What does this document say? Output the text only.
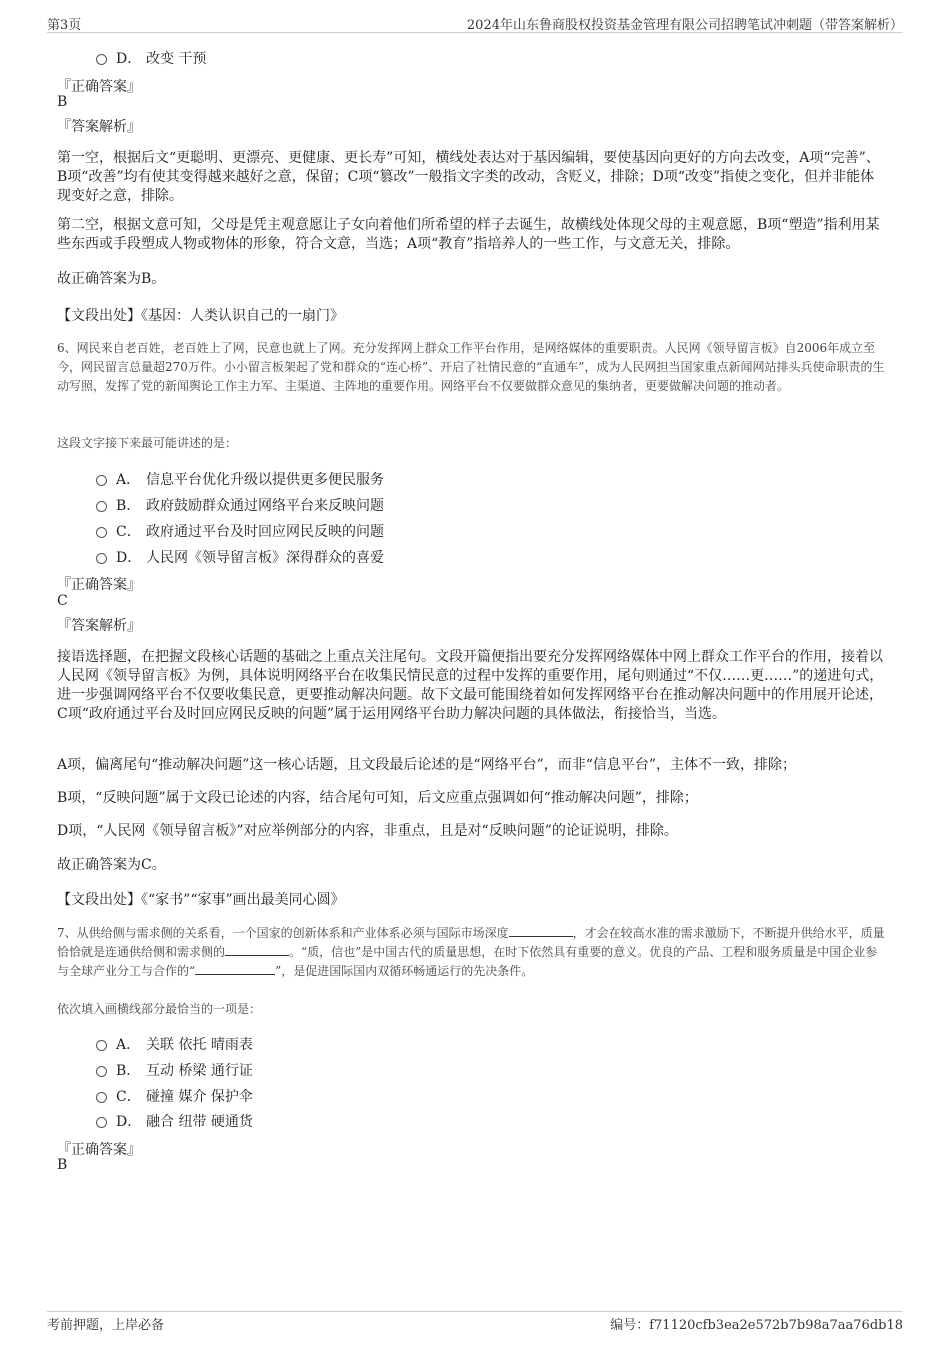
第3页	2024年山东鲁商股权投资基金管理有限公司招聘笔试冲刺题（带答案解析）
D． 改变 干预
『正确答案』
B
『答案解析』
第一空，根据后文“更聪明、更漂亮、更健康、更长寿”可知，横线处表达对于基因编辑，要使基因向更好的方向去改变，A项“完善”、B项“改善”均有使其变得越来越好之意，保留；C项“篡改”一般指文字类的改动，含贬义，排除；D项“改变”指使之变化，但并非能体现变好之意，排除。
第二空，根据文意可知，父母是凭主观意愿让子女向着他们所希望的样子去诞生，故横线处体现父母的主观意愿，B项“塑造”指利用某些东西或手段塑成人物或物体的形象，符合文意，当选；A项“教育”指培养人的一些工作，与文意无关，排除。
故正确答案为B。
【文段出处】《基因：人类认识自己的一扇门》
6、网民来自老百姓，老百姓上了网，民意也就上了网。充分发挥网上群众工作平台作用，是网络媒体的重要职责。人民网《领导留言板》自2006年成立至今，网民留言总量超270万件。小小留言板架起了党和群众的“连心桥”、开启了社情民意的“直通车”，成为人民网担当国家重点新闻网站排头兵使命职责的生动写照，发挥了党的新闻舆论工作主力军、主渠道、主阵地的重要作用。网络平台不仅要做群众意见的集纳者，更要做解决问题的推动者。
这段文字接下来最可能讲述的是：
A． 信息平台优化升级以提供更多便民服务
B． 政府鼓励群众通过网络平台来反映问题
C． 政府通过平台及时回应网民反映的问题
D． 人民网《领导留言板》深得群众的喜爱
『正确答案』
C
『答案解析』
接语选择题，在把握文段核心话题的基础之上重点关注尾句。文段开篇便指出要充分发挥网络媒体中网上群众工作平台的作用，接着以人民网《领导留言板》为例，具体说明网络平台在收集民情民意的过程中发挥的重要作用，尾句则通过“不仅……更……”的递进句式，进一步强调网络平台不仅要收集民意，更要推动解决问题。故下文最可能围绕着如何发挥网络平台在推动解决问题中的作用展开论述，C项“政府通过平台及时回应网民反映的问题”属于运用网络平台助力解决问题的具体做法，衔接恰当，当选。
A项，偏离尾句“推动解决问题”这一核心话题，且文段最后论述的是“网络平台”，而非“信息平台”，主体不一致，排除；
B项，“反映问题”属于文段已论述的内容，结合尾句可知，后文应重点强调如何“推动解决问题”，排除；
D项，“人民网《领导留言板》”对应举例部分的内容，非重点，且是对“反映问题”的论证说明，排除。
故正确答案为C。
【文段出处】《“家书”“家事”画出最美同心圆》
7、从供给侧与需求侧的关系看，一个国家的创新体系和产业体系必须与国际市场深度	，才会在较高水准的需求激励下，不断提升供给水平，质量恰恰就是连通供给侧和需求侧的	。“质，信也”是中国古代的质量思想，在时下依然具有重要的意义。优良的产品、工程和服务质量是中国企业参与全球产业分工与合作的“	”，是促进国际国内双循环畅通运行的先决条件。
依次填入画横线部分最恰当的一项是：
A． 关联 依托 晴雨表
B． 互动 桥梁 通行证
C． 碰撞 媒介 保护伞
D． 融合 纽带 硬通货
『正确答案』
B
考前押题，上岸必备	编号：f71120cfb3ea2e572b7b98a7aa76db18
